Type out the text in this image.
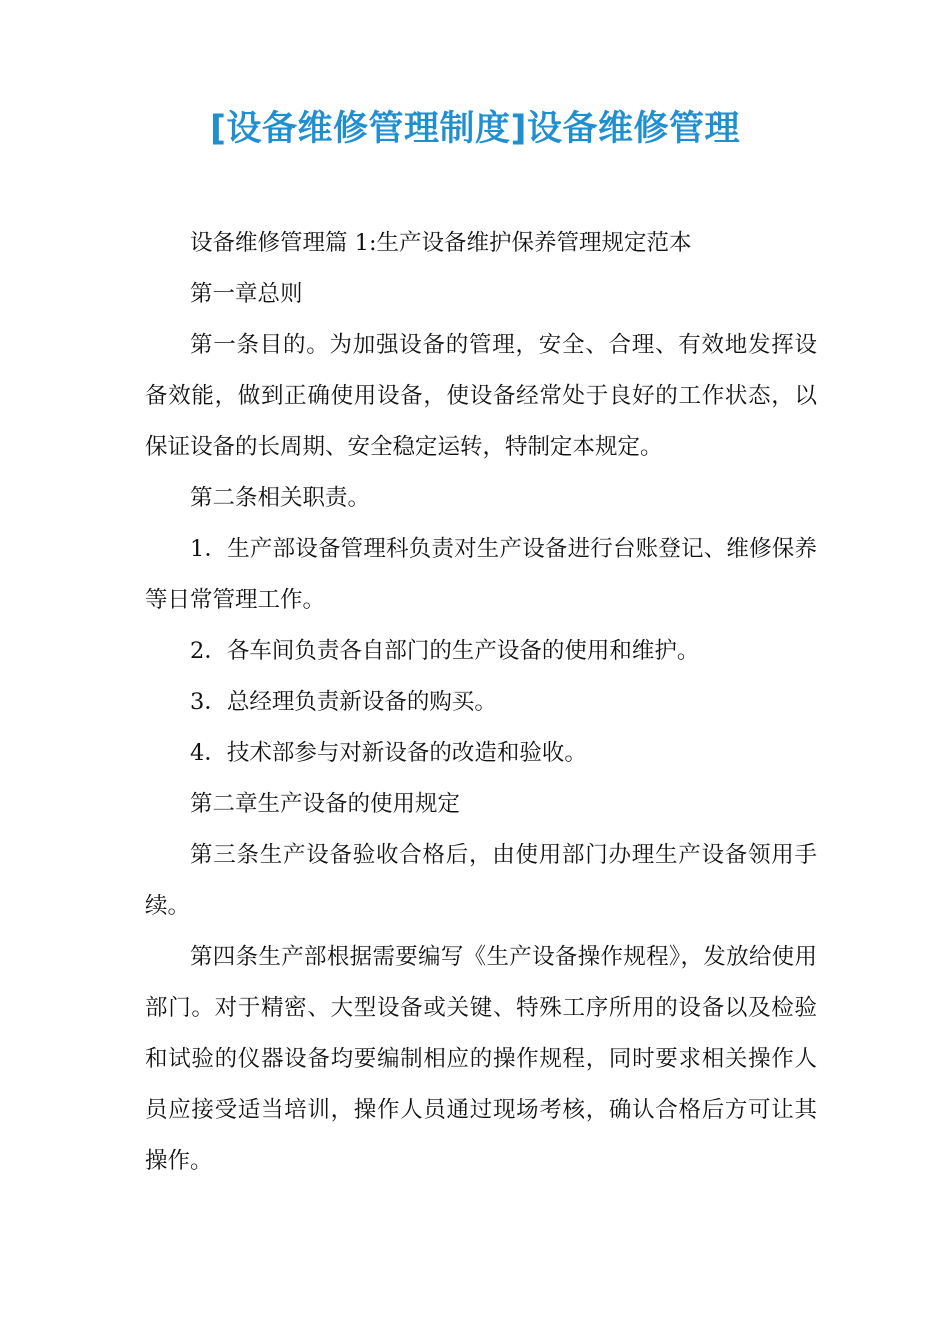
[设备维修管理制度]设备维修管理

设备维修管理篇 1:生产设备维护保养管理规定范本

第一章总则

第一条目的。为加强设备的管理，安全、合理、有效地发挥设备效能，做到正确使用设备，使设备经常处于良好的工作状态，以保证设备的长周期、安全稳定运转，特制定本规定。

第二条相关职责。

1．生产部设备管理科负责对生产设备进行台账登记、维修保养等日常管理工作。

2．各车间负责各自部门的生产设备的使用和维护。

3．总经理负责新设备的购买。

4．技术部参与对新设备的改造和验收。

第二章生产设备的使用规定

第三条生产设备验收合格后，由使用部门办理生产设备领用手续。

第四条生产部根据需要编写《生产设备操作规程》，发放给使用部门。对于精密、大型设备或关键、特殊工序所用的设备以及检验和试验的仪器设备均要编制相应的操作规程，同时要求相关操作人员应接受适当培训，操作人员通过现场考核，确认合格后方可让其操作。
